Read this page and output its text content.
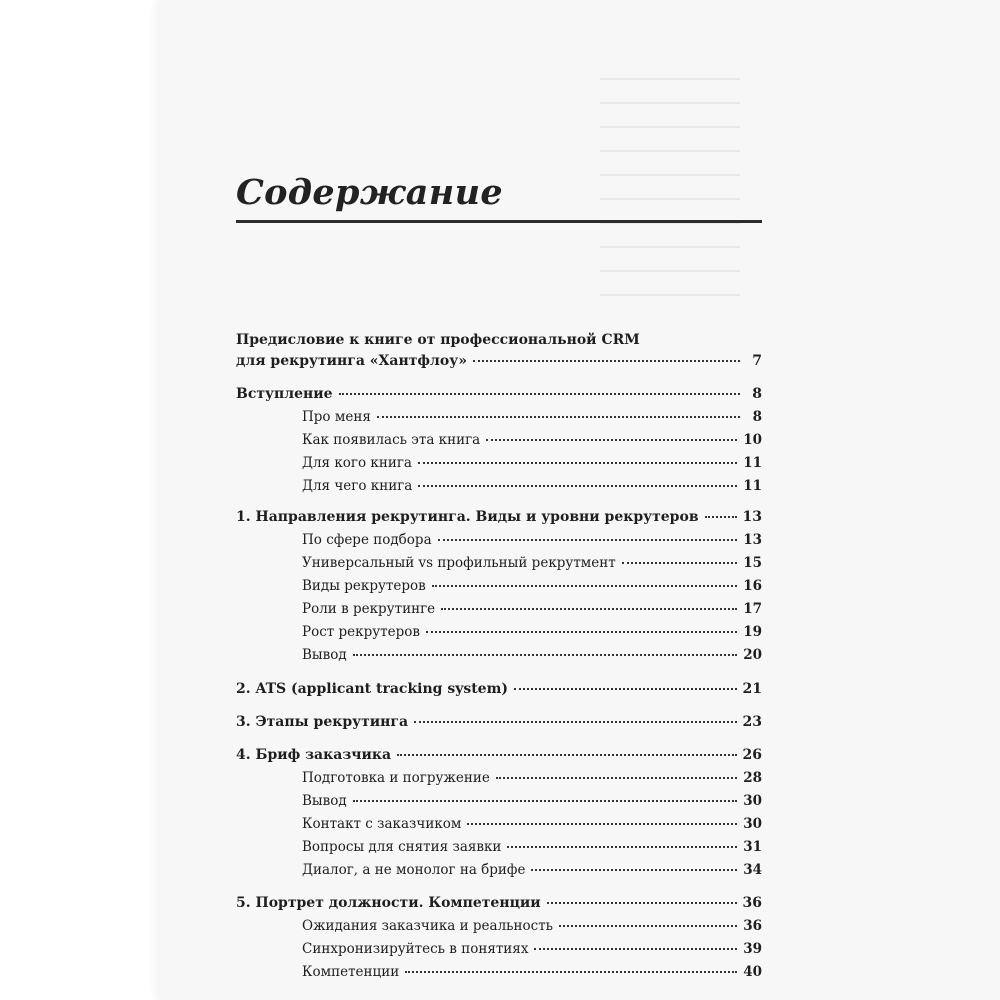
Содержание
Предисловие к книге от профессиональной CRM
для рекрутинга «Хантфлоу»	7
Вступление	8
Про меня	8
Как появилась эта книга	10
Для кого книга	11
Для чего книга	11
1. Направления рекрутинга. Виды и уровни рекрутеров	13
По сфере подбора	13
Универсальный vs профильный рекрутмент	15
Виды рекрутеров	16
Роли в рекрутинге	17
Рост рекрутеров	19
Вывод	20
2. ATS (applicant tracking system)	21
3. Этапы рекрутинга	23
4. Бриф заказчика	26
Подготовка и погружение	28
Вывод	30
Контакт с заказчиком	30
Вопросы для снятия заявки	31
Диалог, а не монолог на брифе	34
5. Портрет должности. Компетенции	36
Ожидания заказчика и реальность	36
Синхронизируйтесь в понятиях	39
Компетенции	40
